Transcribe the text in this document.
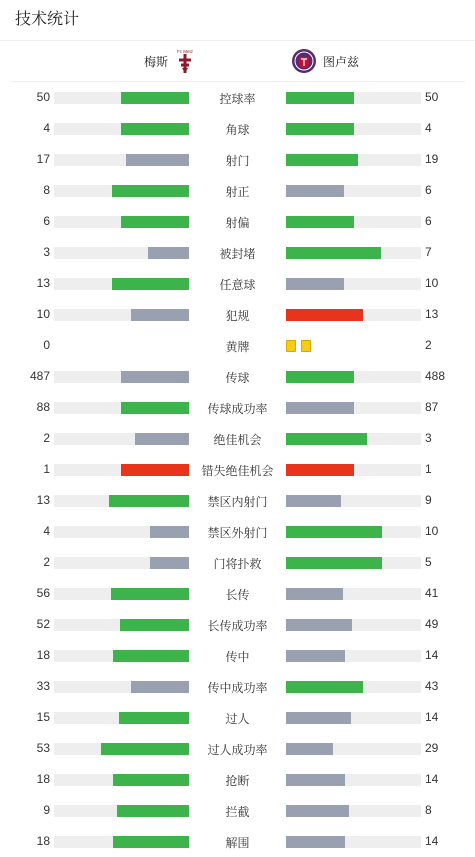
技术统计
梅斯
Fc Metz
图卢兹
50	控球率	50
4	角球	4
17	射门	19
8	射正	6
6	射偏	6
3	被封堵	7
13	任意球	10
10	犯规	13
0	黄牌	2
487	传球	488
88	传球成功率	87
2	绝佳机会	3
1	错失绝佳机会	1
13	禁区内射门	9
4	禁区外射门	10
2	门将扑救	5
56	长传	41
52	长传成功率	49
18	传中	14
33	传中成功率	43
15	过人	14
53	过人成功率	29
18	抢断	14
9	拦截	8
18	解围	14
